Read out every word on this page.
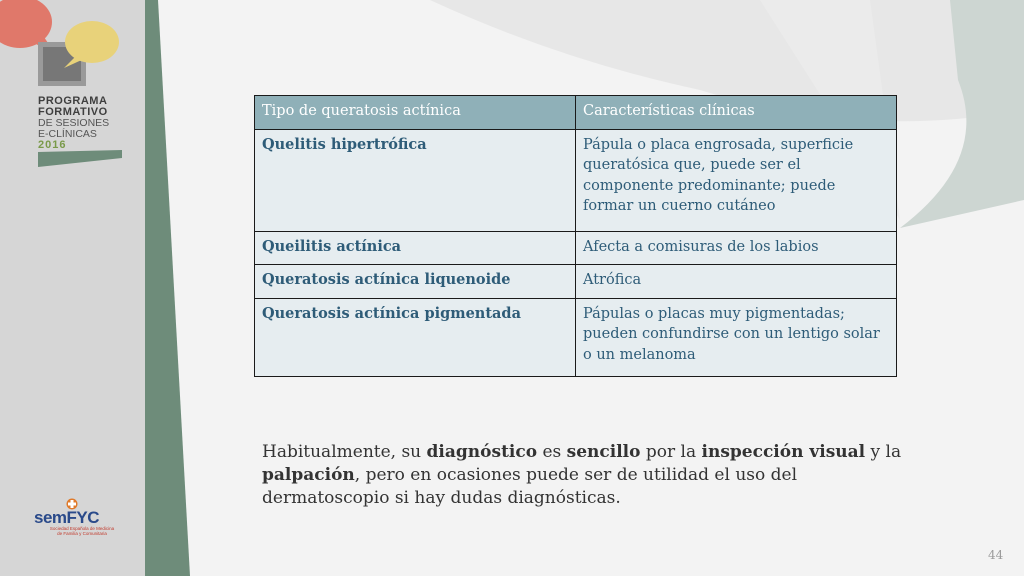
PROGRAMA
FORMATIVO
DE SESIONES
E-CLÍNICAS
2016
semFYC
Sociedad Española de Medicina
de Familia y Comunitaria
Tipo de queratosis actínica	Características clínicas
Quelitis hipertrófica	Pápula o placa engrosada, superficie queratósica que, puede ser el componente predominante; puede formar un cuerno cutáneo
Queilitis actínica	Afecta a comisuras de los labios
Queratosis actínica liquenoide	Atrófica
Queratosis actínica pigmentada	Pápulas o placas muy pigmentadas; pueden confundirse con un lentigo solar o un melanoma

Habitualmente, su diagnóstico es sencillo por la inspección visual y la palpación, pero en ocasiones puede ser de utilidad el uso del dermatoscopio si hay dudas diagnósticas.

44
